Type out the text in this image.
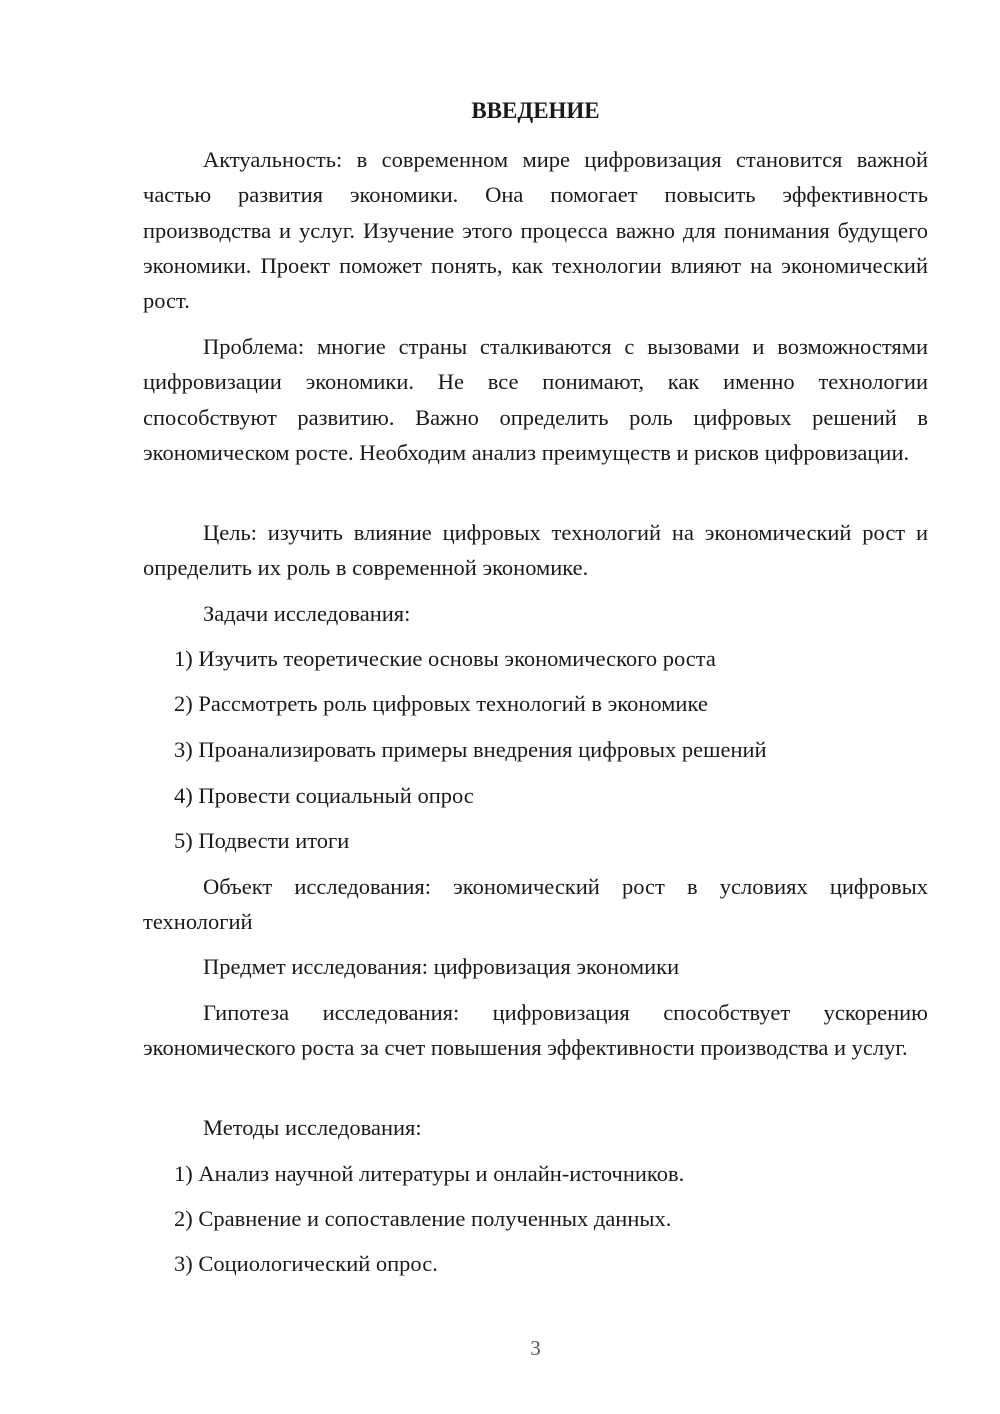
ВВЕДЕНИЕ

Актуальность: в современном мире цифровизация становится важной частью развития экономики. Она помогает повысить эффективность производства и услуг. Изучение этого процесса важно для понимания будущего экономики. Проект поможет понять, как технологии влияют на экономический рост.

Проблема: многие страны сталкиваются с вызовами и возможностями цифровизации экономики. Не все понимают, как именно технологии способствуют развитию. Важно определить роль цифровых решений в экономическом росте. Необходим анализ преимуществ и рисков цифровизации.

Цель: изучить влияние цифровых технологий на экономический рост и определить их роль в современной экономике.

Задачи исследования:

1) Изучить теоретические основы экономического роста

2) Рассмотреть роль цифровых технологий в экономике

3) Проанализировать примеры внедрения цифровых решений

4) Провести социальный опрос

5) Подвести итоги

Объект исследования: экономический рост в условиях цифровых технологий

Предмет исследования: цифровизация экономики

Гипотеза исследования: цифровизация способствует ускорению экономического роста за счет повышения эффективности производства и услуг.

Методы исследования:

1) Анализ научной литературы и онлайн-источников.

2) Сравнение и сопоставление полученных данных.

3) Социологический опрос.

3
